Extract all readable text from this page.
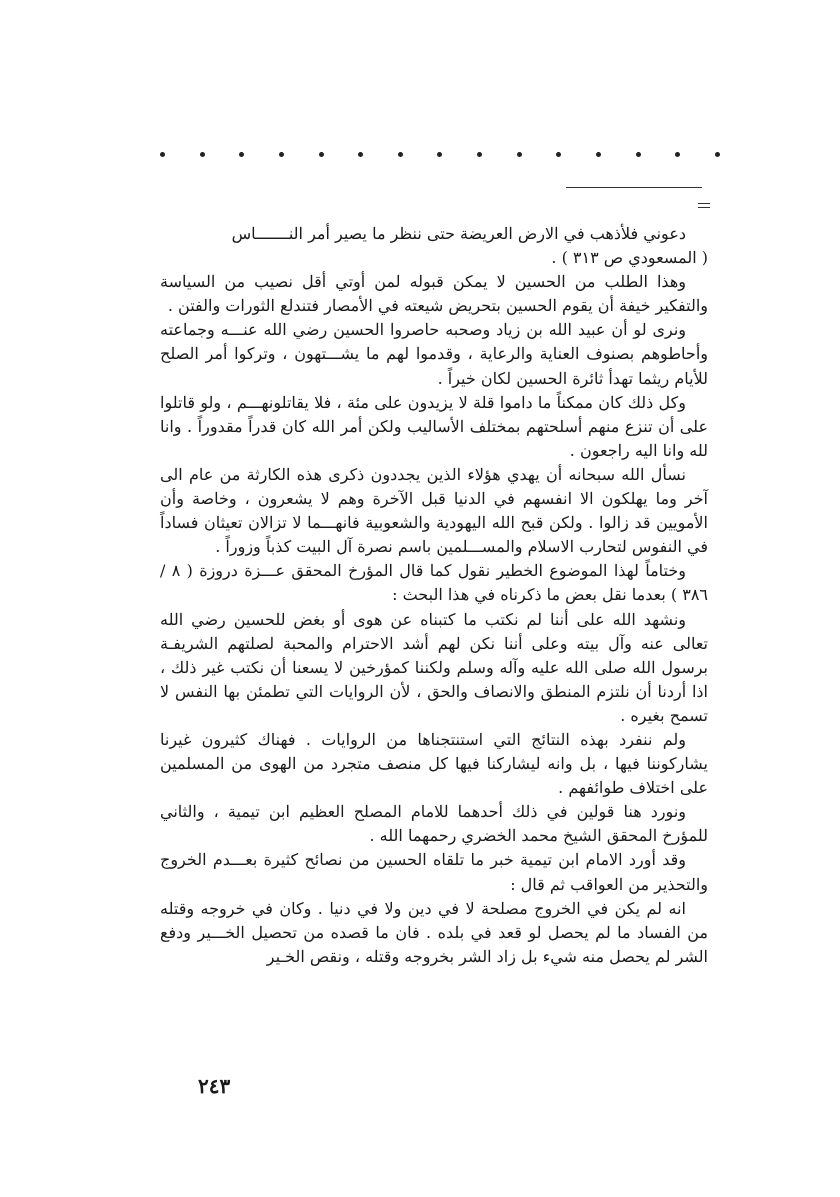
دعوني فلأذهب في الارض العريضة حتى ننظر ما يصير أمر النـــــــاس

( المسعودي ص ٣١٣ ) .

وهذا الطلب من الحسين لا يمكن قبوله لمن أوتي أقل نصيب من السياسة والتفكير خيفة أن يقوم الحسين بتحريض شيعته في الأمصار فتندلع الثورات والفتن .

ونرى لو أن عبيد الله بن زياد وصحبه حاصروا الحسين رضي الله عنـــه وجماعته وأحاطوهم بصنوف العناية والرعاية ، وقدموا لهم ما يشـــتهون ، وتركوا أمر الصلح للأيام ريثما تهدأ ثائرة الحسين لكان خيراً .

وكل ذلك كان ممكناً ما داموا قلة لا يزيدون على مئة ، فلا يقاتلونهـــم ، ولو قاتلوا على أن تنزع منهم أسلحتهم بمختلف الأساليب ولكن أمر الله كان قدراً مقدوراً . وانا لله وانا اليه راجعون .

نسأل الله سبحانه أن يهدي هؤلاء الذين يجددون ذكرى هذه الكارثة من عام الى آخر وما يهلكون الا انفسهم في الدنيا قبل الآخرة وهم لا يشعرون ، وخاصة وأن الأمويين قد زالوا . ولكن قبح الله اليهودية والشعوبية فانهـــما لا تزالان تعيثان فساداً في النفوس لتحارب الاسلام والمســـلمين باسم نصرة آل البيت كذباً وزوراً .

وختاماً لهذا الموضوع الخطير نقول كما قال المؤرخ المحقق عـــزة دروزة ( ٨ / ٣٨٦ ) بعدما نقل بعض ما ذكرناه في هذا البحث :

ونشهد الله على أننا لم نكتب ما كتبناه عن هوى أو بغض للحسين رضي الله تعالى عنه وآل بيته وعلى أننا نكن لهم أشد الاحترام والمحبة لصلتهم الشريفـة برسول الله صلى الله عليه وآله وسلم ولكننا كمؤرخين لا يسعنا أن نكتب غير ذلك ، اذا أردنا أن نلتزم المنطق والانصاف والحق ، لأن الروايات التي تطمئن بها النفس لا تسمح بغيره .

ولم ننفرد بهذه النتائج التي استنتجناها من الروايات . فهناك كثيرون غيرنا يشاركوننا فيها ، بل وانه ليشاركنا فيها كل منصف متجرد من الهوى من المسلمين على اختلاف طوائفهم .

ونورد هنا قولين في ذلك أحدهما للامام المصلح العظيم ابن تيمية ، والثاني للمؤرخ المحقق الشيخ محمد الخضري رحمهما الله .

وقد أورد الامام ابن تيمية خبر ما تلقاه الحسين من نصائح كثيرة بعـــدم الخروج والتحذير من العواقب ثم قال :

انه لم يكن في الخروج مصلحة لا في دين ولا في دنيا . وكان في خروجه وقتله من الفساد ما لم يحصل لو قعد في بلده . فان ما قصده من تحصيل الخـــير ودفع الشر لم يحصل منه شيء بل زاد الشر بخروجه وقتله ، ونقص الخـير

٢٤٣
